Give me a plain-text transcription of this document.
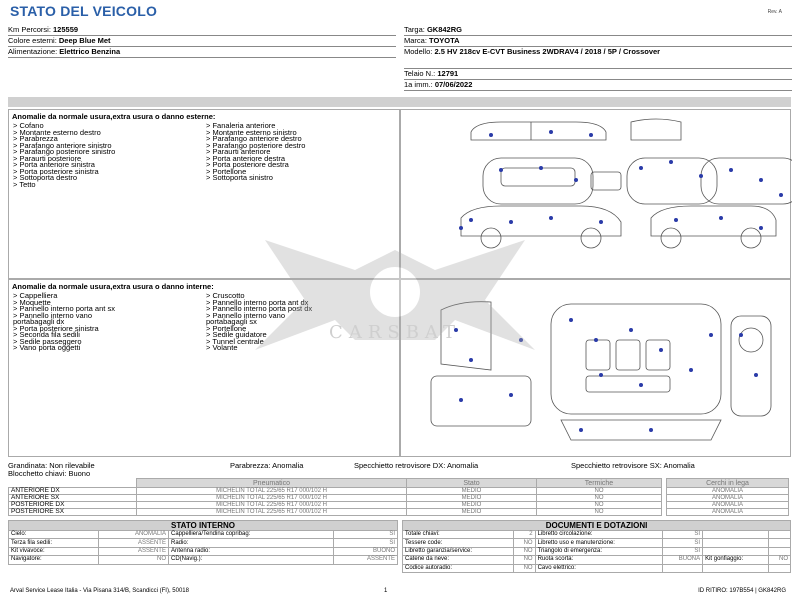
STATO DEL VEICOLO	Rev. A
Km Percorsi: 125559
Colore esterni: Deep Blue Met
Alimentazione: Elettrico Benzina
Targa: GK842RG
Marca: TOYOTA
Modello: 2.5 HV 218cv E-CVT Business 2WDRAV4 / 2018 / 5P / Crossover
Telaio N.: 12791
1a imm.: 07/06/2022
Anomalie da normale usura,extra usura o danno esterne:
> Cofano
> Montante esterno destro
> Parabrezza
> Parafango anteriore sinistro
> Parafango posteriore sinistro
> Paraurti posteriore
> Porta anteriore sinistra
> Porta posteriore sinistra
> Sottoporta destro
> Tetto
> Fanaleria anteriore
> Montante esterno sinistro
> Parafango anteriore destro
> Parafango posteriore destro
> Paraurti anteriore
> Porta anteriore destra
> Porta posteriore destra
> Portellone
> Sottoporta sinistro
Anomalie da normale usura,extra usura o danno interne:
> Cappelliera
> Moquette
> Pannello interno porta ant sx
> Pannello interno vano
portabagagli dx
> Porta posteriore sinistra
> Seconda fila sedili
> Sedile passeggero
> Vano porta oggetti
> Cruscotto
> Pannello interno porta ant dx
> Pannello interno porta post dx
> Pannello interno vano
portabagagli sx
> Portellone
> Sedile guidatore
> Tunnel centrale
> Volante
CARSBAT
Grandinata: Non rilevabile	Parabrezza: Anomalia	Specchietto retrovisore DX: Anomalia	Specchietto retrovisore SX: Anomalia
Blocchetto chiavi: Buono
	Pneumatico	Stato	Termiche		Cerchi in lega
ANTERIORE DX	MICHELIN TOTAL 225/65 R17 000/102 H	MEDIO	NO		ANOMALIA
ANTERIORE SX	MICHELIN TOTAL 225/65 R17 000/102 H	MEDIO	NO		ANOMALIA
POSTERIORE DX	MICHELIN TOTAL 225/65 R17 000/102 H	MEDIO	NO		ANOMALIA
POSTERIORE SX	MICHELIN TOTAL 225/65 R17 000/102 H	MEDIO	NO		ANOMALIA
STATO INTERNO			
Cielo:	ANOMALIA	Cappelliera/Tendina copribag:	SI
Terza fila sedili:	ASSENTE	Radio:	SI
Kit vivavoce:	ASSENTE	Antenna radio:	BUONO
Navigatore:	NO	CD(Navig.):	ASSENTE
DOCUMENTI E DOTAZIONI					
Totale chiavi:	2	Libretto circolazione:	SI		
Tessere code:	NO	Libretto uso e manutenzione:	SI		
Libretto garanzia/service:	NO	Triangolo di emergenza:	SI		
Catene da neve:	NO	Ruota scorta:	BUONA	Kit gonfiaggio:	NO
Codice autoradio:	NO	Cavo elettrico:			
Arval Service Lease Italia - Via Pisana 314/B, Scandicci (FI), 50018	1	ID RITIRO: 197B554 | GK842RG
